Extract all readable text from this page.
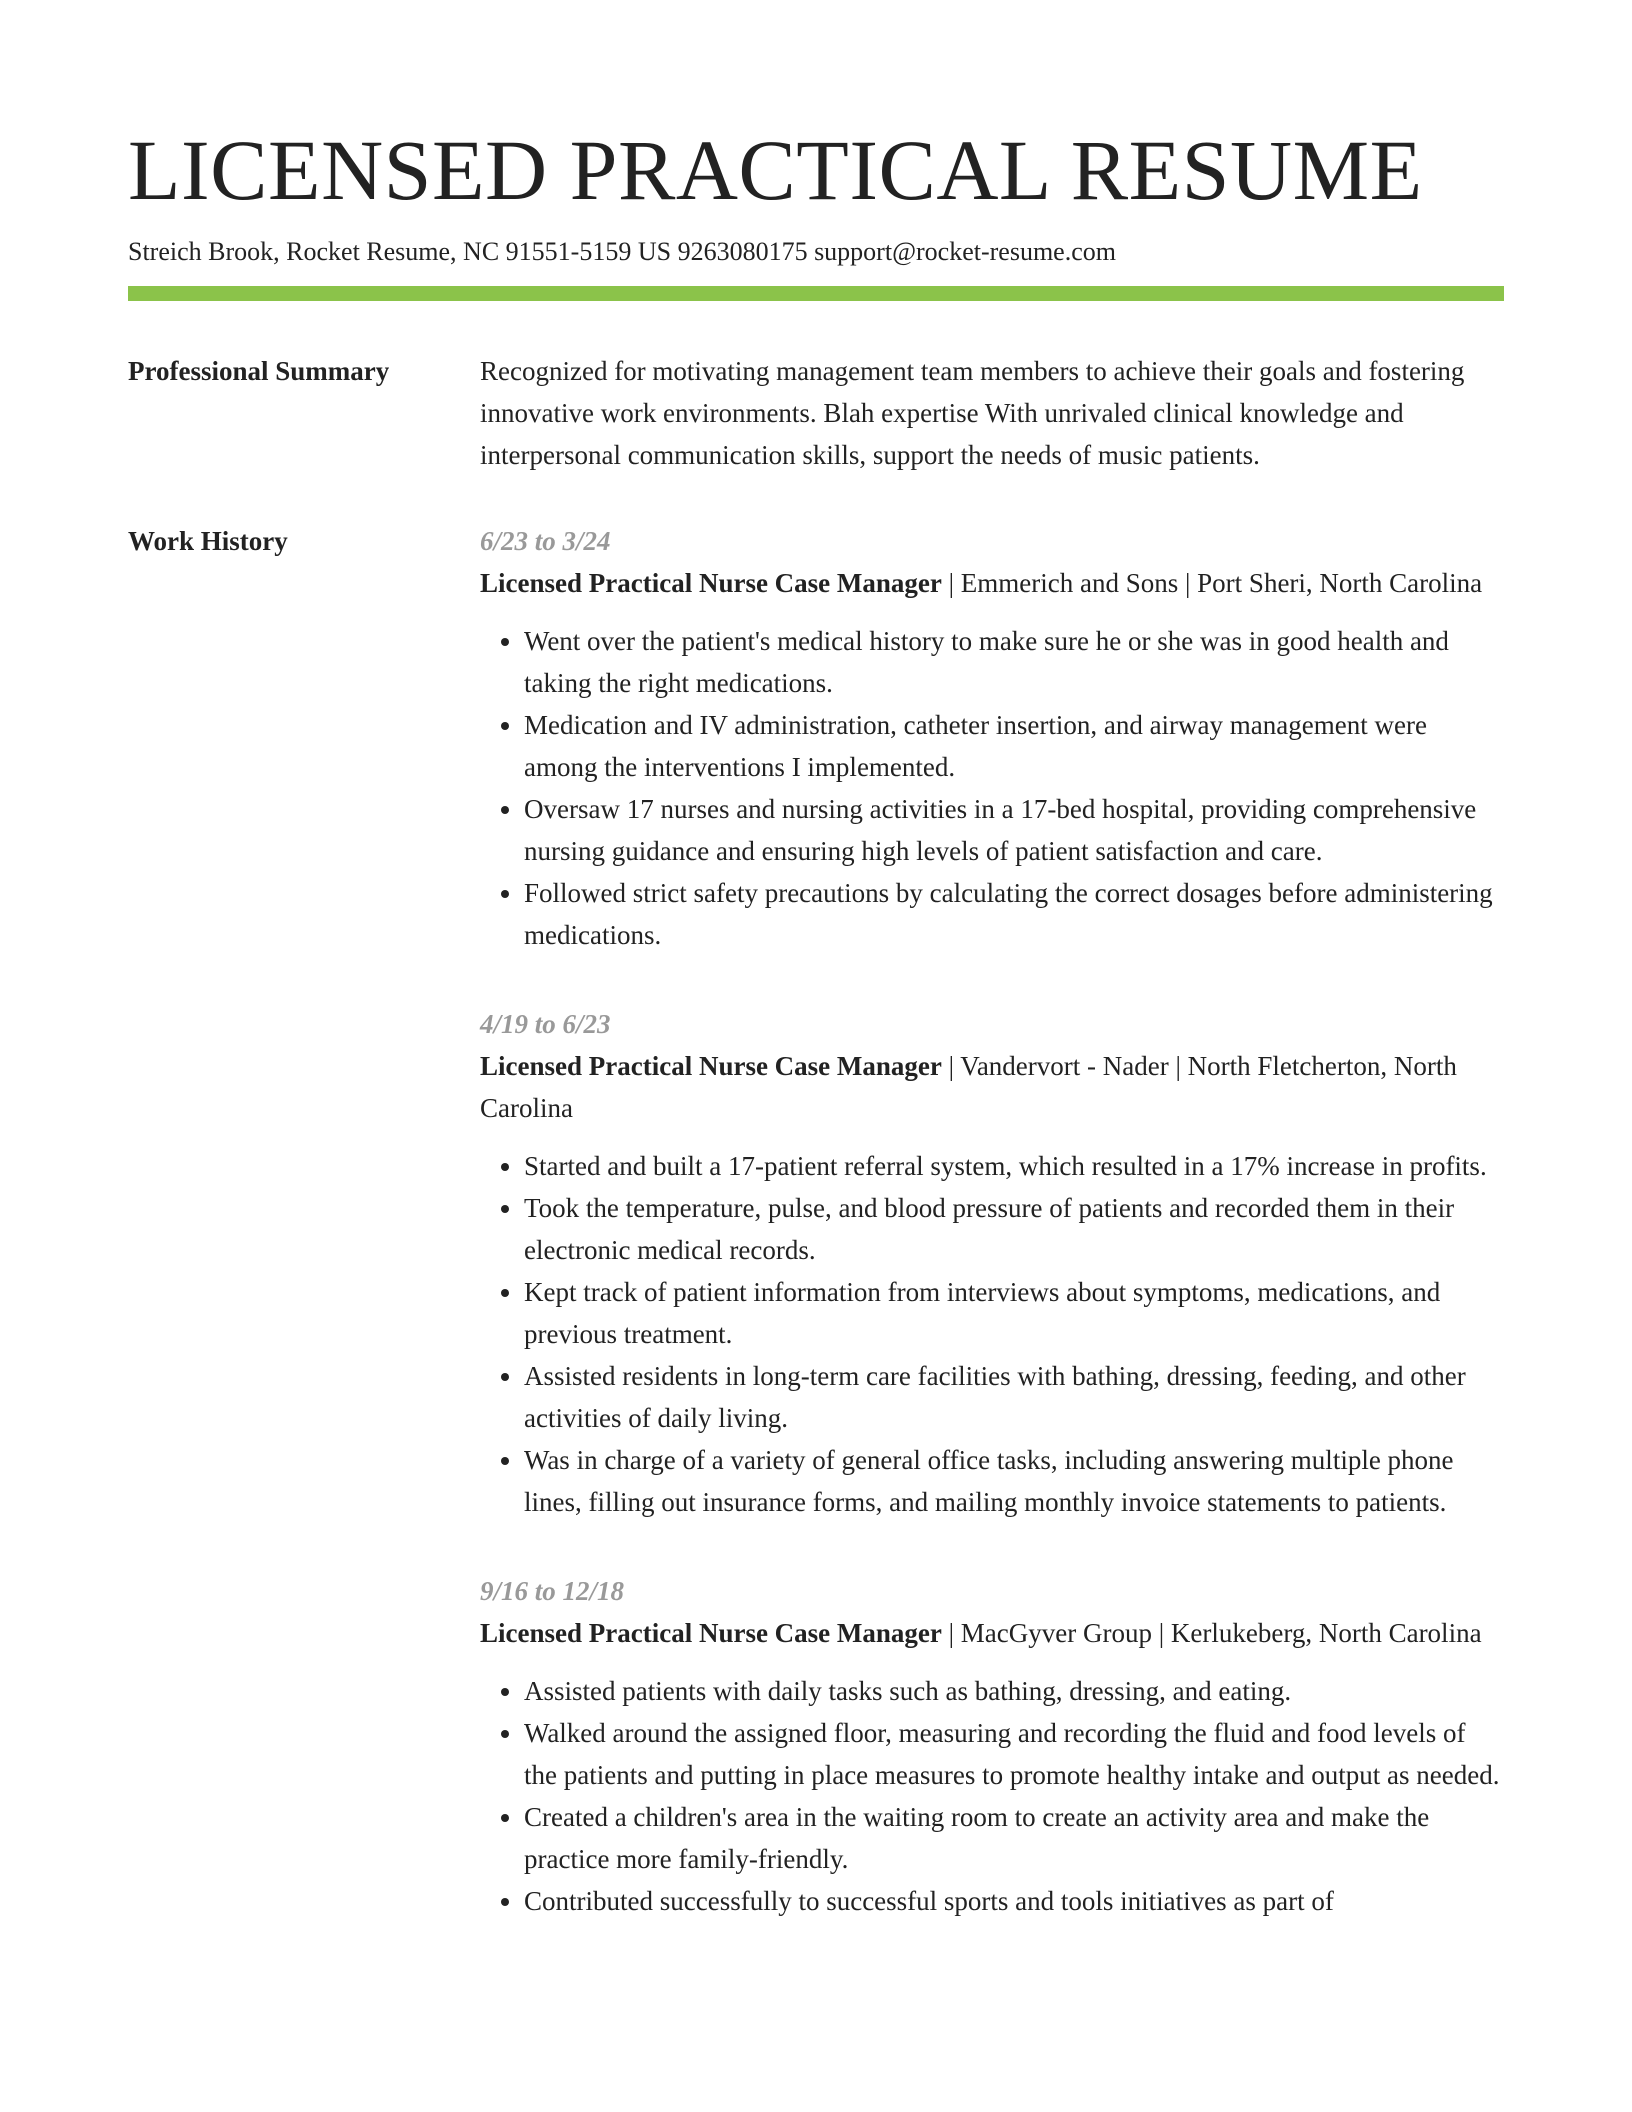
LICENSED PRACTICAL RESUME
Streich Brook, Rocket Resume, NC 91551-5159 US 9263080175 support@rocket-resume.com
Professional Summary	Recognized for motivating management team members to achieve their goals and fostering innovative work environments. Blah expertise With unrivaled clinical knowledge and interpersonal communication skills, support the needs of music patients.

Work History	6/23 to 3/24

Licensed Practical Nurse Case Manager | Emmerich and Sons | Port Sheri, North Carolina

• Went over the patient's medical history to make sure he or she was in good health and taking the right medications.
• Medication and IV administration, catheter insertion, and airway management were among the interventions I implemented.
• Oversaw 17 nurses and nursing activities in a 17-bed hospital, providing comprehensive nursing guidance and ensuring high levels of patient satisfaction and care.
• Followed strict safety precautions by calculating the correct dosages before administering medications.
4/19 to 6/23

Licensed Practical Nurse Case Manager | Vandervort - Nader | North Fletcherton, North Carolina

• Started and built a 17-patient referral system, which resulted in a 17% increase in profits.
• Took the temperature, pulse, and blood pressure of patients and recorded them in their electronic medical records.
• Kept track of patient information from interviews about symptoms, medications, and previous treatment.
• Assisted residents in long-term care facilities with bathing, dressing, feeding, and other activities of daily living.
• Was in charge of a variety of general office tasks, including answering multiple phone lines, filling out insurance forms, and mailing monthly invoice statements to patients.
9/16 to 12/18

Licensed Practical Nurse Case Manager | MacGyver Group | Kerlukeberg, North Carolina

• Assisted patients with daily tasks such as bathing, dressing, and eating.
• Walked around the assigned floor, measuring and recording the fluid and food levels of the patients and putting in place measures to promote healthy intake and output as needed.
• Created a children's area in the waiting room to create an activity area and make the practice more family-friendly.
• Contributed successfully to successful sports and tools initiatives as part of
